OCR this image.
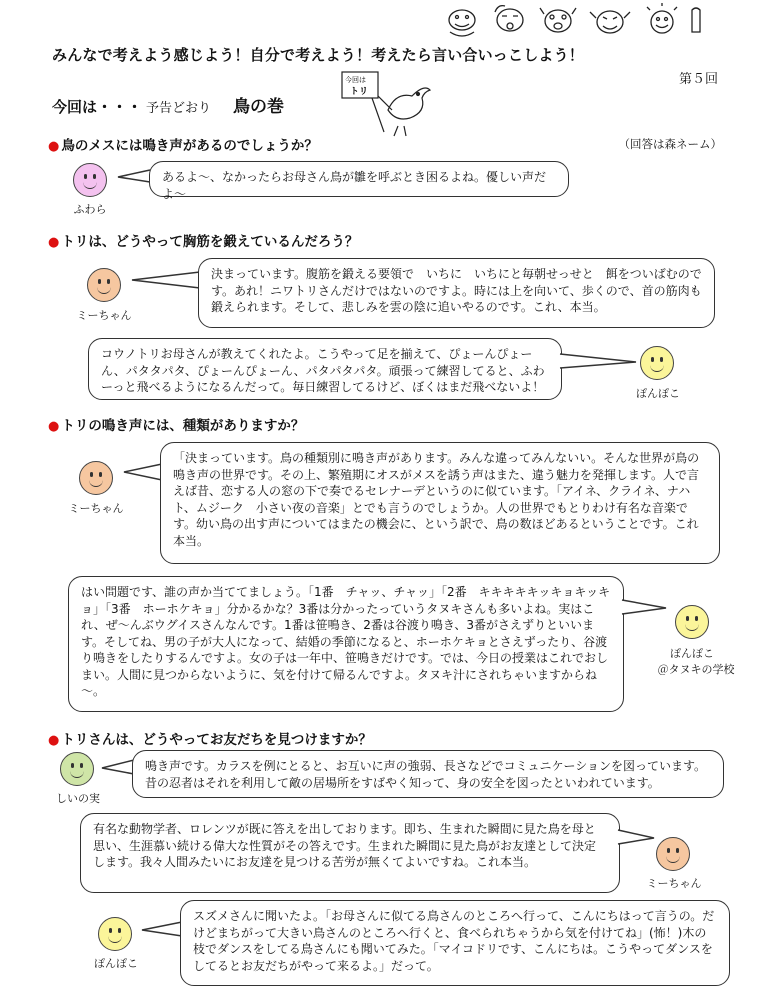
みんなで考えよう感じよう！自分で考えよう！考えたら言い合いっこしよう！
第５回
今回は・・・ 予告どおり 鳥の巻
今回は
トリ
● 鳥のメスには鳴き声があるのでしょうか？	（回答は森ネーム）
ふわら
あるよ～、なかったらお母さん鳥が雛を呼ぶとき困るよね。優しい声だよ～
● トリは、どうやって胸筋を鍛えているんだろう？
ミーちゃん
決まっています。腹筋を鍛える要領で　いちに　いちにと毎朝せっせと　餌をついばむのです。あれ！ニワトリさんだけではないのですよ。時には上を向いて、歩くので、首の筋肉も鍛えられます。そして、悲しみを雲の陰に追いやるのです。これ、本当。
コウノトリお母さんが教えてくれたよ。こうやって足を揃えて、ぴょーんぴょーん、パタタパタ、ぴょーんぴょーん、パタパタパタ。頑張って練習してると、ふわーっと飛べるようになるんだって。毎日練習してるけど、ぼくはまだ飛べないよ！	ぽんぽこ
● トリの鳴き声には、種類がありますか？
ミーちゃん
「決まっています。鳥の種類別に鳴き声があります。みんな違ってみんないい。そんな世界が鳥の鳴き声の世界です。その上、繁殖期にオスがメスを誘う声はまた、違う魅力を発揮します。人で言えば昔、恋する人の窓の下で奏でるセレナーデというのに似ています。「アイネ、クライネ、ナハト、ムジーク　小さい夜の音楽」とでも言うのでしょうか。人の世界でもとりわけ有名な音楽です。幼い鳥の出す声についてはまたの機会に、という訳で、鳥の数ほどあるということです。これ本当。
はい問題です、誰の声か当ててましょう。「1番　チャッ、チャッ」「2番　キキキキキッキョキッキョ」「3番　ホーホケキョ」分かるかな？3番は分かったっていうタヌキさんも多いよね。実はこれ、ぜ～んぶウグイスさんなんです。1番は笹鳴き、2番は谷渡り鳴き、3番がさえずりといいます。そしてね、男の子が大人になって、結婚の季節になると、ホーホケキョとさえずったり、谷渡り鳴きをしたりするんですよ。女の子は一年中、笹鳴きだけです。では、今日の授業はこれでおしまい。人間に見つからないように、気を付けて帰るんですよ。タヌキ汁にされちゃいますからね～。
ぽんぽこ
＠タヌキの学校
● トリさんは、どうやってお友だちを見つけますか？
しいの実
鳴き声です。カラスを例にとると、お互いに声の強弱、長さなどでコミュニケーションを図っています。昔の忍者はそれを利用して敵の居場所をすばやく知って、身の安全を図ったといわれています。
有名な動物学者、ロレンツが既に答えを出しております。即ち、生まれた瞬間に見た鳥を母と思い、生涯慕い続ける偉大な性質がその答えです。生まれた瞬間に見た鳥がお友達として決定します。我々人間みたいにお友達を見つける苦労が無くてよいですね。これ本当。
ミーちゃん
ぽんぽこ
スズメさんに聞いたよ。「お母さんに似てる鳥さんのところへ行って、こんにちはって言うの。だけどまちがって大きい鳥さんのところへ行くと、食べられちゃうから気を付けてね」(怖！)木の枝でダンスをしてる鳥さんにも聞いてみた。「マイコドリです、こんにちは。こうやってダンスをしてるとお友だちがやって来るよ。」だって。
